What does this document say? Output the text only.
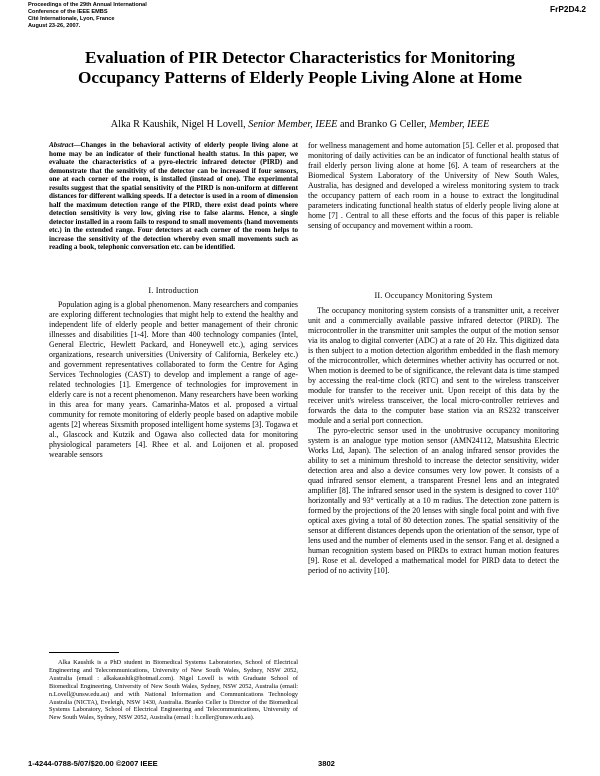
Proceedings of the 29th Annual International
Conference of the IEEE EMBS
Cité Internationale, Lyon, France
August 23-26, 2007.
FrP2D4.2
Evaluation of PIR Detector Characteristics for Monitoring
Occupancy Patterns of Elderly People Living Alone at Home
Alka R Kaushik, Nigel H Lovell, Senior Member, IEEE and Branko G Celler, Member, IEEE
Abstract—Changes in the behavioral activity of elderly people living alone at home may be an indicator of their functional health status. In this paper, we evaluate the characteristics of a pyro-electric infrared detector (PIRD) and demonstrate that the sensitivity of the detector can be increased if four sensors, one at each corner of the room, is installed (instead of one). The experimental results suggest that the spatial sensitivity of the PIRD is non-uniform at different distances for different walking speeds. If a detector is used in a room of dimension half the maximum detection range of the PIRD, there exist dead points where detection sensitivity is very low, giving rise to false alarms. Hence, a single detector installed in a room fails to respond to small movements (hand movements etc.) in the extended range. Four detectors at each corner of the room helps to increase the sensitivity of the detection whereby even small movements such as reading a book, telephonic conversation etc. can be identified.
I. Introduction

Population aging is a global phenomenon. Many researchers and companies are exploring different technologies that might help to extend the healthy and independent life of elderly people and better management of their chronic illnesses and disabilities [1-4]. More than 400 technology companies (Intel, General Electric, Hewlett Packard, and Honeywell etc.), aging services organizations, research universities (University of California, Berkeley etc.) and government representatives collaborated to form the Centre for Aging Services Technologies (CAST) to develop and implement a range of age-related technologies [1]. Emergence of technologies for improvement in elderly care is not a recent phenomenon. Many researchers have been working in this area for many years. Camarinha-Matos et al. proposed a virtual community for remote monitoring of elderly people based on adaptive mobile agents [2] whereas Sixsmith proposed intelligent home systems [3]. Togawa et al., Glascock and Kutzik and Ogawa also collected data for monitoring physiological parameters [4]. Rhee et al. and Loijonen et al. proposed wearable sensors

Alka Kaushik is a PhD student in Biomedical Systems Laboratories, School of Electrical Engineering and Telecommunications, University of New South Wales, Sydney, NSW 2052, Australia (email : alkakaushik@hotmail.com). Nigel Lovell is with Graduate School of Biomedical Engineering, University of New South Wales, Sydney, NSW 2052, Australia (email: n.Lovell@unsw.edu.au) and with National Information and Communications Technology Australia (NICTA), Eveleigh, NSW 1430, Australia. Branko Celler is Director of the Biomedical Systems Laboratory, School of Electrical Engineering and Telecommunications, University of New South Wales, Sydney, NSW 2052, Australia (email : b.celler@unsw.edu.au).

for wellness management and home automation [5]. Celler et al. proposed that monitoring of daily activities can be an indicator of functional health status of frail elderly person living alone at home [6]. A team of researchers at the Biomedical System Laboratory of the University of New South Wales, Australia, has designed and developed a wireless monitoring system to track the occupancy pattern of each room in a house to extract the longitudinal parameters indicating functional health status of elderly people living alone at home [7] . Central to all these efforts and the focus of this paper is reliable sensing of occupancy and movement within a room.

II. Occupancy Monitoring System

The occupancy monitoring system consists of a transmitter unit, a receiver unit and a commercially available passive infrared detector (PIRD). The microcontroller in the transmitter unit samples the output of the motion sensor via its analog to digital converter (ADC) at a rate of 20 Hz. This digitized data is then subject to a motion detection algorithm embedded in the flash memory of the microcontroller, which determines whether activity has occurred or not. When motion is deemed to be of significance, the relevant data is time stamped by accessing the real-time clock (RTC) and sent to the wireless transceiver module for transfer to the receiver unit. Upon receipt of this data by the receiver unit's wireless transceiver, the local micro-controller retrieves and forwards the data to the computer base station via an RS232 transceiver module and a serial port connection.

The pyro-electric sensor used in the unobtrusive occupancy monitoring system is an analogue type motion sensor (AMN24112, Matsushita Electric Works Ltd, Japan). The selection of an analog infrared sensor provides the ability to set a minimum threshold to increase the detector sensitivity, wider detection area and also a device consumes very low power. It consists of a quad infrared sensor element, a transparent Fresnel lens and an integrated amplifier [8]. The infrared sensor used in the system is designed to cover 110° horizontally and 93° vertically at a 10 m radius. The detection zone pattern is formed by the projections of the 20 lenses with single focal point and with five optical axes giving a total of 80 detection zones. The spatial sensitivity of the sensor at different distances depends upon the orientation of the sensor, type of lens used and the number of elements used in the sensor. Fang et al. designed a human recognition system based on PIRDs to extract human motion features [9]. Rose et al. developed a mathematical model for PIRD data to detect the period of no activity [10].

1-4244-0788-5/07/$20.00 ©2007 IEEE	3802
